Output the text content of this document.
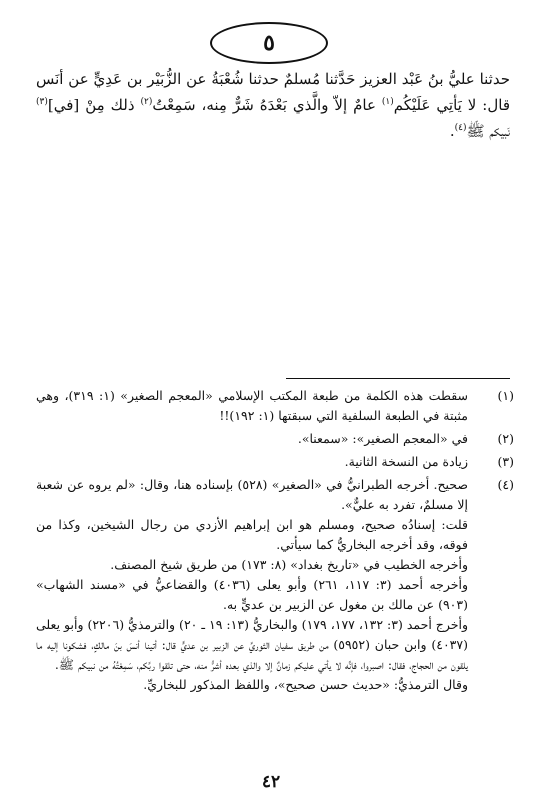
٥
حدثنا عليُّ بنُ عَبْد العزيز حَدَّثنا مُسلمٌ حدثنا شُعْبَةُ عن الزُّبَيْر بن عَدِيٍّ عن أنَس قال: لا يَأتِي عَلَيْكُم$^{(١)}$ عامٌ إلاّ والَّذي بَعْدَهُ شَرٌّ مِنه، سَمِعْتُ$^{(٢)}$ ذلك مِنْ [في]$^{(٣)}$ نَبيكم ﷺ$^{(٤)}$.
(١)
سقطت هذه الكلمة من طبعة المكتب الإسلامي «المعجم الصغير» (١: ٣١٩)، وهي مثبتة في الطبعة السلفية التي سبقتها (١: ١٩٢)!!
(٢)
في «المعجم الصغير»: «سمعنا».
(٣)
زيادة من النسخة الثانية.
(٤)
صحيح. أخرجه الطبرانيُّ في «الصغير» (٥٢٨) بإسناده هنا، وقال: «لم يروه عن شعبة إلا مسلمٌ، تفرد به عليٌّ».
قلت: إسنادُه صحيح، ومسلم هو ابن إبراهيم الأزدي من رجال الشيخين، وكذا من فوقه، وقد أخرجه البخاريُّ كما سيأتي.
وأخرجه الخطيب في «تاريخ بغداد» (٨: ١٧٣) من طريق شيخ المصنف.
وأخرجه أحمد (٣: ١١٧، ٢٦١) وأبو يعلى (٤٠٣٦) والقضاعيُّ في «مسند الشهاب» (٩٠٣) عن مالك بن مغول عن الزبير بن عديٍّ به.
وأخرج أحمد (٣: ١٣٢، ١٧٧، ١٧٩) والبخاريُّ (١٣: ١٩ ـ ٢٠) والترمذيُّ (٢٢٠٦) وأبو يعلى (٤٠٣٧) وابن حبان (٥٩٥٢) من طريق سفيان الثوريِّ عن الزبير بن عديٍّ قال: أتينا أنسَ بنَ مالكٍ، فشكونا إليه ما يلقون من الحجاج، فقال: اصبروا، فإنَّه لا يأتي عليكم زمانٌ إلا والذي بعده أشرُّ منه، حتى تلقوا ربَّكم، سَمِعْتُهُ من نبيكم ﷺ.
وقال الترمذيُّ: «حديث حسن صحيح»، واللفظ المذكور للبخاريِّ.
٤٢
